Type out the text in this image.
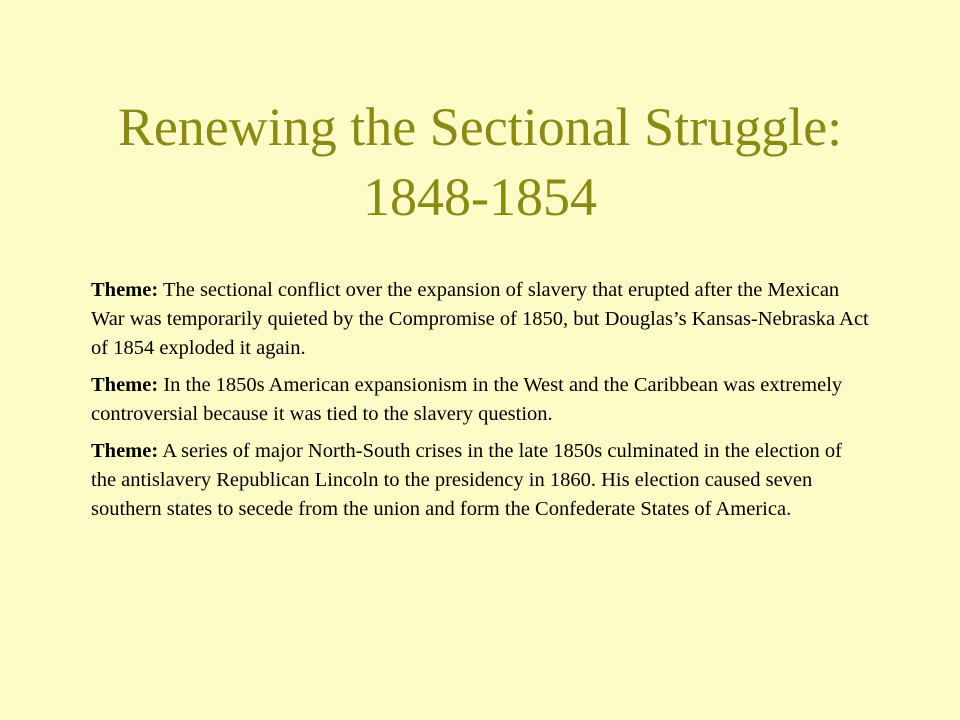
Renewing the Sectional Struggle:
1848-1854

Theme: The sectional conflict over the expansion of slavery that erupted after the Mexican War was temporarily quieted by the Compromise of 1850, but Douglas’s Kansas-Nebraska Act of 1854 exploded it again.

Theme: In the 1850s American expansionism in the West and the Caribbean was extremely controversial because it was tied to the slavery question.

Theme: A series of major North-South crises in the late 1850s culminated in the election of the antislavery Republican Lincoln to the presidency in 1860. His election caused seven southern states to secede from the union and form the Confederate States of America.
